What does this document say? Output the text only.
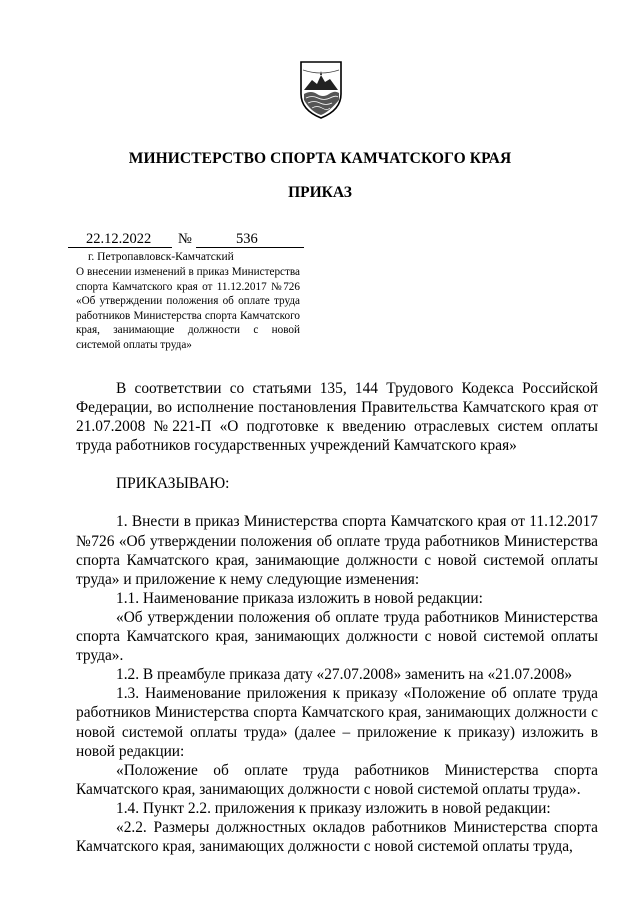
МИНИСТЕРСТВО СПОРТА КАМЧАТСКОГО КРАЯ
ПРИКАЗ
22.12.2022 №	536
г. Петропавловск-Камчатский
О внесении изменений в приказ Министерства спорта Камчатского края от 11.12.2017 №726 «Об утверждении положения об оплате труда работников Министерства спорта Камчатского края, занимающие должности с новой системой оплаты труда»

В соответствии со статьями 135, 144 Трудового Кодекса Российской Федерации, во исполнение постановления Правительства Камчатского края от 21.07.2008 №221-П «О подготовке к введению отраслевых систем оплаты труда работников государственных учреждений Камчатского края»

ПРИКАЗЫВАЮ:

1. Внести в приказ Министерства спорта Камчатского края от 11.12.2017 №726 «Об утверждении положения об оплате труда работников Министерства спорта Камчатского края, занимающие должности с новой системой оплаты труда» и приложение к нему следующие изменения:

1.1. Наименование приказа изложить в новой редакции:

«Об утверждении положения об оплате труда работников Министерства спорта Камчатского края, занимающих должности с новой системой оплаты труда».

1.2. В преамбуле приказа дату «27.07.2008» заменить на «21.07.2008»

1.3. Наименование приложения к приказу «Положение об оплате труда работников Министерства спорта Камчатского края, занимающих должности с новой системой оплаты труда» (далее – приложение к приказу) изложить в новой редакции:

«Положение об оплате труда работников Министерства спорта Камчатского края, занимающих должности с новой системой оплаты труда».

1.4. Пункт 2.2. приложения к приказу изложить в новой редакции:

«2.2. Размеры должностных окладов работников Министерства спорта Камчатского края, занимающих должности с новой системой оплаты труда,
